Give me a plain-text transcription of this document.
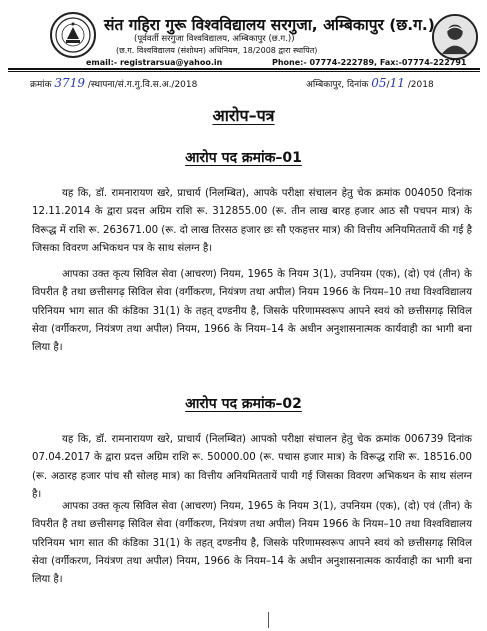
संत गहिरा गुरू विश्वविद्यालय सरगुजा, अम्बिकापुर (छ.ग.)
(पूर्ववर्ती सरगुजा विश्वविद्यालय, अम्बिकापुर (छ.ग.))
(छ.ग. विश्वविद्यालय (संशोधन) अधिनियम, 18/2008 द्वारा स्थापित)
email:- registrarsua@yahoo.in	Phone:- 07774-222789, Fax:-07774-222791
क्रमांक 3719 /स्थापना/सं.ग.गु.वि.स.अ./2018	अम्बिकापुर, दिनांक 05/11 /2018
आरोप–पत्र
आरोप पद क्रमांक–01
यह कि, डॉ. रामनारायण खरे, प्राचार्य (निलम्बित), आपके परीक्षा संचालन हेतु चेक क्रमांक 004050 दिनांक 12.11.2014 के द्वारा प्रदत्त अग्रिम राशि रू. 312855.00 (रू. तीन लाख बारह हजार आठ सौ पचपन मात्र) के विरूद्ध में राशि रू. 263671.00 (रू. दो लाख तिरसठ हजार छः सौ एकहत्तर मात्र) की वित्तीय अनियमिततायें की गई है जिसका विवरण अभिकथन पत्र के साथ संलग्न है।
आपका उक्त कृत्य सिविल सेवा (आचरण) नियम, 1965 के नियम 3(1), उपनियम (एक), (दो) एवं (तीन) के विपरीत है तथा छत्तीसगढ़ सिविल सेवा (वर्गीकरण, नियंत्रण तथा अपील) नियम 1966 के नियम–10 तथा विश्वविद्यालय परिनियम भाग सात की कंडिका 31(1) के तहत् दण्डनीय है, जिसके परिणामस्वरूप आपने स्वयं को छत्तीसगढ़ सिविल सेवा (वर्गीकरण, नियंत्रण तथा अपील) नियम, 1966 के नियम–14 के अधीन अनुशासनात्मक कार्यवाही का भागी बना लिया है।
आरोप पद क्रमांक–02
यह कि, डॉ. रामनारायण खरे, प्राचार्य (निलम्बित) आपको परीक्षा संचालन हेतु चेक क्रमांक 006739 दिनांक 07.04.2017 के द्वारा प्रदत्त अग्रिम राशि रू. 50000.00 (रू. पचास हजार मात्र) के विरूद्ध राशि रू. 18516.00 (रू. अठारह हजार पांच सौ सोलह मात्र) का वित्तीय अनियमिततायें पायी गई जिसका विवरण अभिकथन के साथ संलग्न है।
आपका उक्त कृत्य सिविल सेवा (आचरण) नियम, 1965 के नियम 3(1), उपनियम (एक), (दो) एवं (तीन) के विपरीत है तथा छत्तीसगढ़ सिविल सेवा (वर्गीकरण, नियंत्रण तथा अपील) नियम 1966 के नियम–10 तथा विश्वविद्यालय परिनियम भाग सात की कंडिका 31(1) के तहत् दण्डनीय है, जिसके परिणामस्वरूप आपने स्वयं को छत्तीसगढ़ सिविल सेवा (वर्गीकरण, नियंत्रण तथा अपील) नियम, 1966 के नियम–14 के अधीन अनुशासनात्मक कार्यवाही का भागी बना लिया है।
